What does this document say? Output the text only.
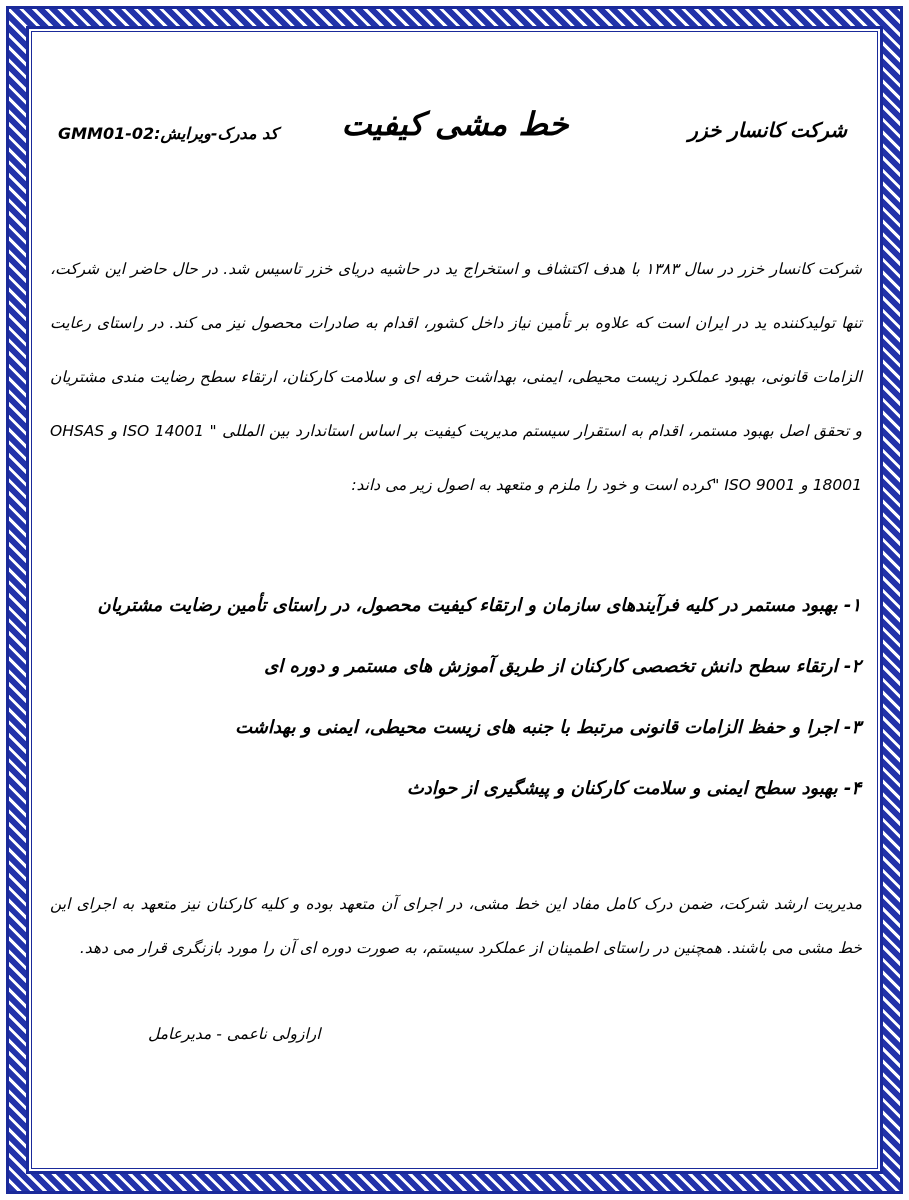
شرکت کانسار خزر
خط مشی کیفیت
کد مدرک-ویرایش:GMM01-02
شرکت کانسار خزر در سال ۱۳۸۳ با هدف اکتشاف و استخراج ید در حاشیه دریای خزر تاسیس شد. در حال حاضر این شرکت، تنها تولیدکننده ید در ایران است که علاوه بر تأمین نیاز داخل کشور، اقدام به صادرات محصول نیز می کند. در راستای رعایت الزامات قانونی، بهبود عملکرد زیست محیطی، ایمنی، بهداشت حرفه ای و سلامت کارکنان، ارتقاء سطح رضایت مندی مشتریان و تحقق اصل بهبود مستمر، اقدام به استقرار سیستم مدیریت کیفیت بر اساس استاندارد بین المللی " ISO 14001 و OHSAS 18001 و ISO 9001 "کرده است و خود را ملزم و متعهد به اصول زیر می داند:
۱- بهبود مستمر در کلیه فرآیندهای سازمان و ارتقاء کیفیت محصول، در راستای تأمین رضایت مشتریان
۲- ارتقاء سطح دانش تخصصی کارکنان از طریق آموزش های مستمر و دوره ای
۳- اجرا و حفظ الزامات قانونی مرتبط با جنبه های زیست محیطی، ایمنی و بهداشت
۴- بهبود سطح ایمنی و سلامت کارکنان و پیشگیری از حوادث
مدیریت ارشد شرکت، ضمن درک کامل مفاد این خط مشی، در اجرای آن متعهد بوده و کلیه کارکنان نیز متعهد به اجرای این خط مشی می باشند. همچنین در راستای اطمینان از عملکرد سیستم، به صورت دوره ای آن را مورد بازنگری قرار می دهد.
ارازولی ناعمی - مدیرعامل
